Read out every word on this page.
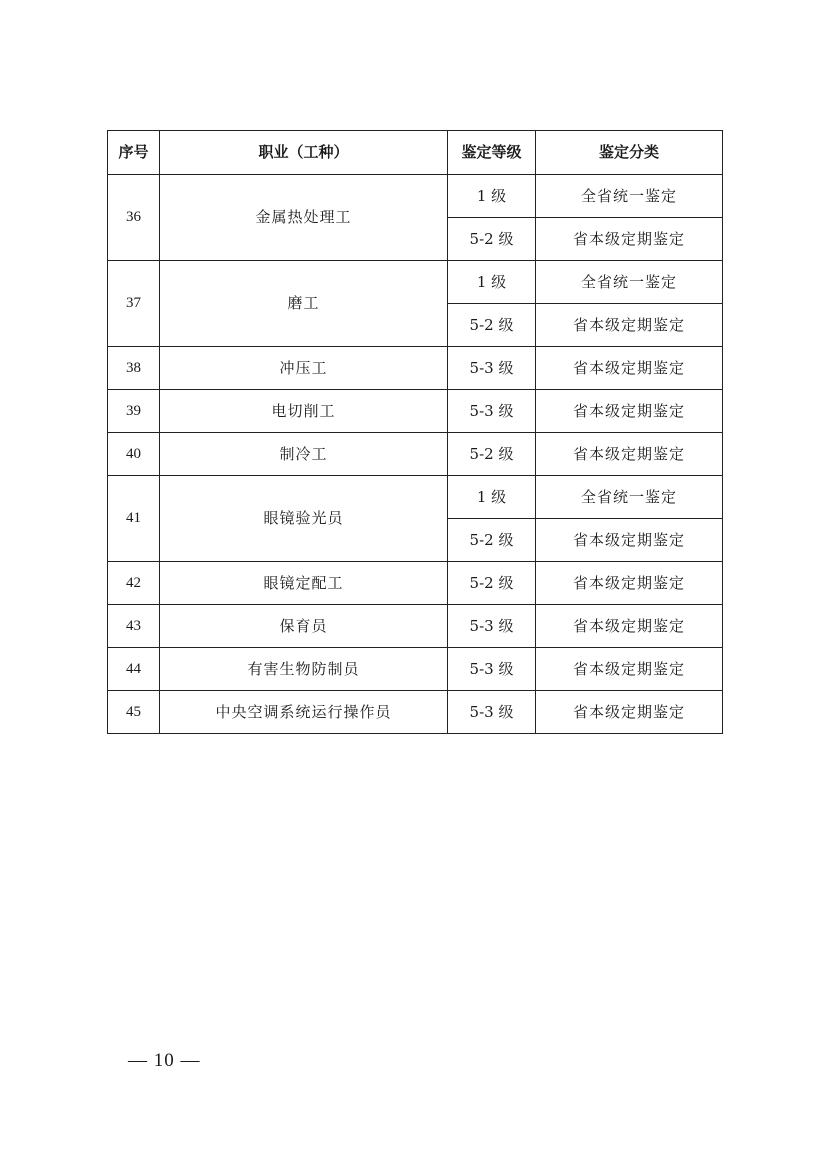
序号	职业（工种）	鉴定等级	鉴定分类
36	金属热处理工	1 级	全省统一鉴定
		5-2 级	省本级定期鉴定
37	磨工	1 级	全省统一鉴定
		5-2 级	省本级定期鉴定
38	冲压工	5-3 级	省本级定期鉴定
39	电切削工	5-3 级	省本级定期鉴定
40	制冷工	5-2 级	省本级定期鉴定
41	眼镜验光员	1 级	全省统一鉴定
		5-2 级	省本级定期鉴定
42	眼镜定配工	5-2 级	省本级定期鉴定
43	保育员	5-3 级	省本级定期鉴定
44	有害生物防制员	5-3 级	省本级定期鉴定
45	中央空调系统运行操作员	5-3 级	省本级定期鉴定
— 10 —
